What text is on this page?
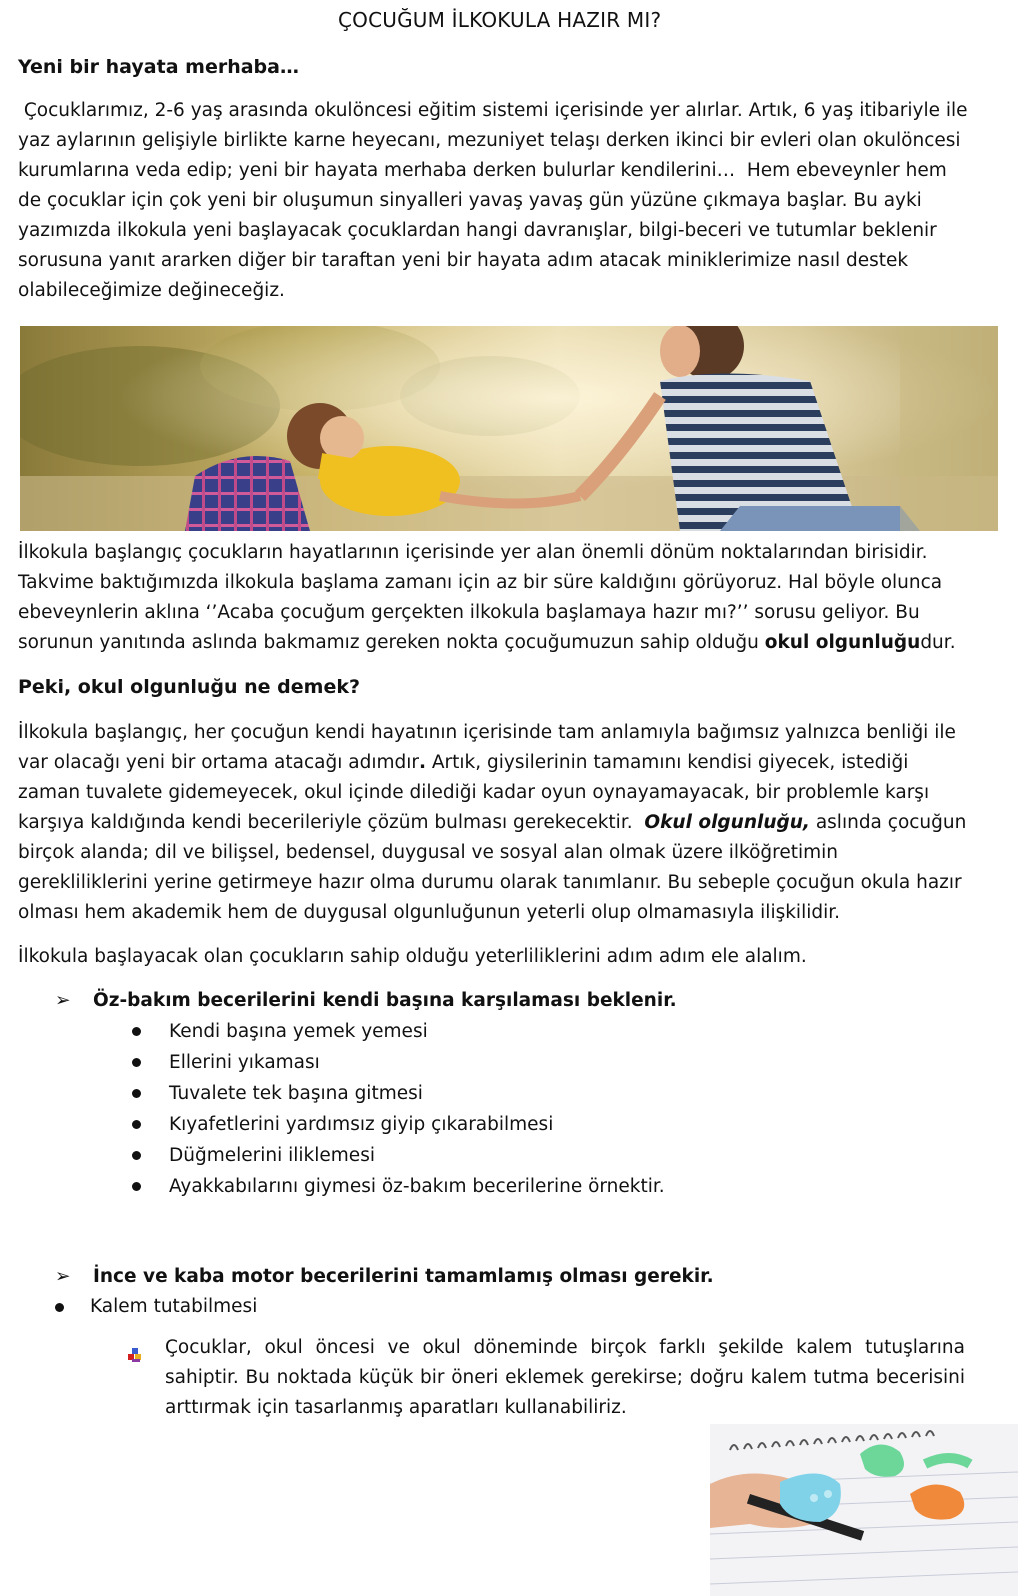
ÇOCUĞUM İLKOKULA HAZIR MI?
Yeni bir hayata merhaba…

Çocuklarımız, 2-6 yaş arasında okulöncesi eğitim sistemi içerisinde yer alırlar. Artık, 6 yaş itibariyle ile yaz aylarının gelişiyle birlikte karne heyecanı, mezuniyet telaşı derken ikinci bir evleri olan okulöncesi kurumlarına veda edip; yeni bir hayata merhaba derken bulurlar kendilerini…  Hem ebeveynler hem de çocuklar için çok yeni bir oluşumun sinyalleri yavaş yavaş gün yüzüne çıkmaya başlar. Bu ayki yazımızda ilkokula yeni başlayacak çocuklardan hangi davranışlar, bilgi-beceri ve tutumlar beklenir sorusuna yanıt ararken diğer bir taraftan yeni bir hayata adım atacak miniklerimize nasıl destek olabileceğimize değineceğiz.

İlkokula başlangıç çocukların hayatlarının içerisinde yer alan önemli dönüm noktalarından birisidir. Takvime baktığımızda ilkokula başlama zamanı için az bir süre kaldığını görüyoruz. Hal böyle olunca ebeveynlerin aklına ‘’Acaba çocuğum gerçekten ilkokula başlamaya hazır mı?’’ sorusu geliyor. Bu sorunun yanıtında aslında bakmamız gereken nokta çocuğumuzun sahip olduğu okul olgunluğudur.

Peki, okul olgunluğu ne demek?

İlkokula başlangıç, her çocuğun kendi hayatının içerisinde tam anlamıyla bağımsız yalnızca benliği ile var olacağı yeni bir ortama atacağı adımdır. Artık, giysilerinin tamamını kendisi giyecek, istediği zaman tuvalete gidemeyecek, okul içinde dilediği kadar oyun oynayamayacak, bir problemle karşı karşıya kaldığında kendi becerileriyle çözüm bulması gerekecektir.  Okul olgunluğu, aslında çocuğun birçok alanda; dil ve bilişsel, bedensel, duygusal ve sosyal alan olmak üzere ilköğretimin gerekliliklerini yerine getirmeye hazır olma durumu olarak tanımlanır. Bu sebeple çocuğun okula hazır olması hem akademik hem de duygusal olgunluğunun yeterli olup olmamasıyla ilişkilidir.

İlkokula başlayacak olan çocukların sahip olduğu yeterliliklerini adım adım ele alalım.

➢ Öz-bakım becerilerini kendi başına karşılaması beklenir.
Kendi başına yemek yemesi
Ellerini yıkaması
Tuvalete tek başına gitmesi
Kıyafetlerini yardımsız giyip çıkarabilmesi
Düğmelerini iliklemesi
Ayakkabılarını giymesi öz-bakım becerilerine örnektir.
➢ İnce ve kaba motor becerilerini tamamlamış olması gerekir.
Kalem tutabilmesi
Çocuklar, okul öncesi ve okul döneminde birçok farklı şekilde kalem tutuşlarına sahiptir. Bu noktada küçük bir öneri eklemek gerekirse; doğru kalem tutma becerisini arttırmak için tasarlanmış aparatları kullanabiliriz.
